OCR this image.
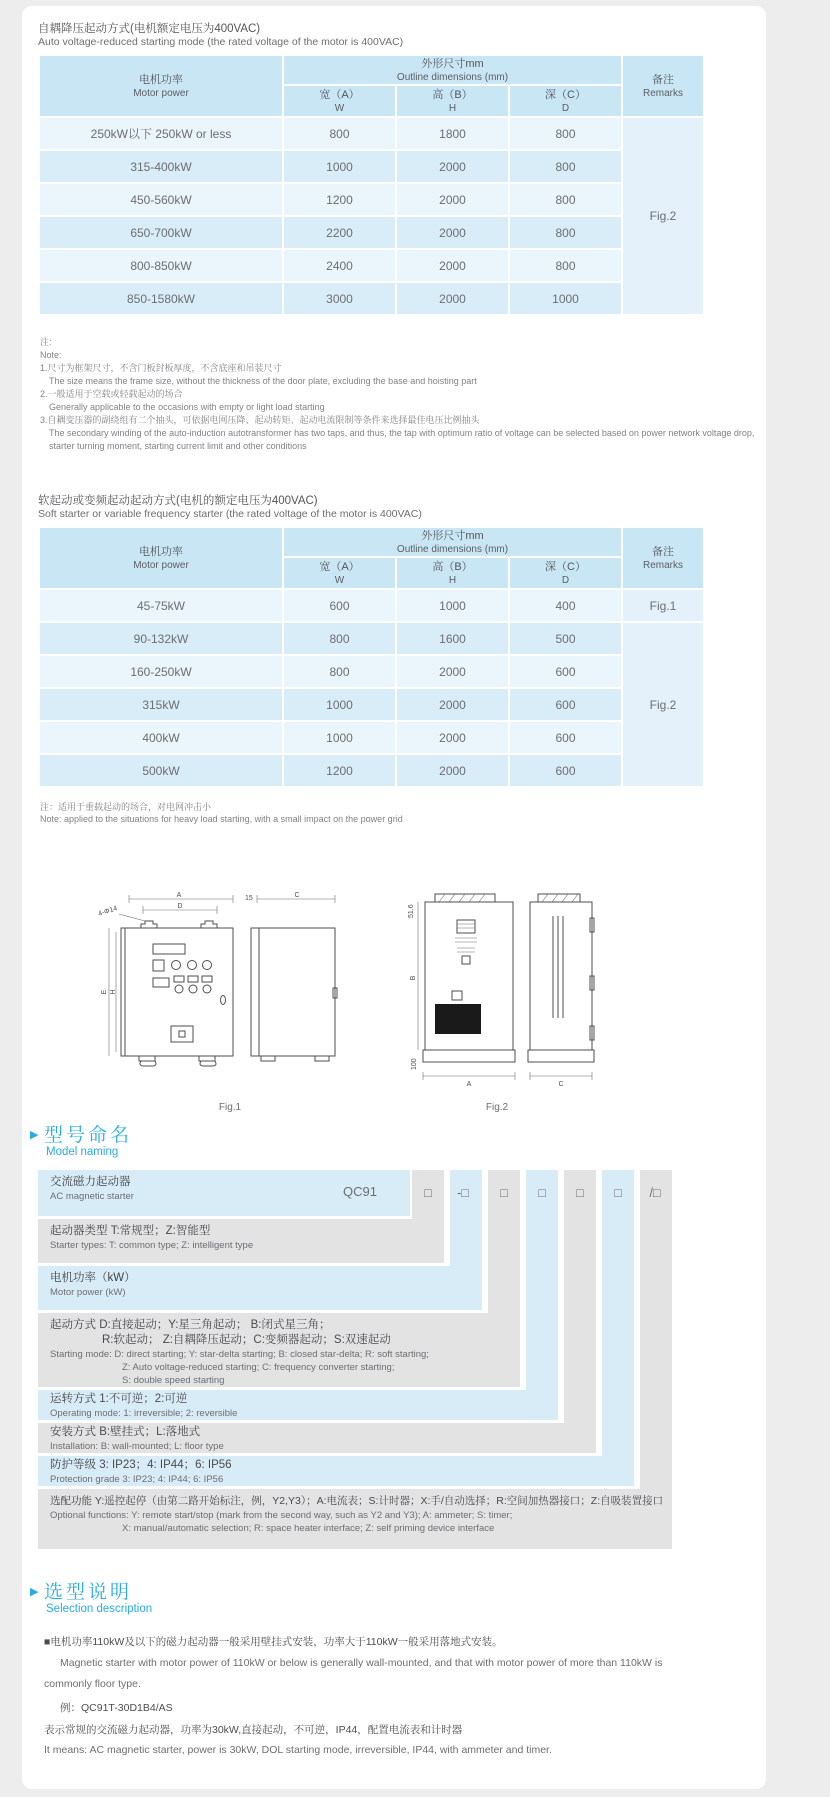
自耦降压起动方式(电机额定电压为400VAC)
Auto voltage-reduced starting mode (the rated voltage of the motor is 400VAC)
电机功率
Motor power

外形尺寸mm
Outline dimensions (mm)	备注
Remarks

宽（A）
W

高（B）
H

深（C）
D

250kW以下 250kW or less	800	1800	800	Fig.2
315-400kW	1000	2000	800	
450-560kW	1200	2000	800	
650-700kW	2200	2000	800	
800-850kW	2400	2000	800	
850-1580kW	3000	2000	1000	
注:
Note:
1.尺寸为框架尺寸，不含门板封板厚度，不含底座和吊装尺寸
The size means the frame size, without the thickness of the door plate, excluding the base and hoisting part
2.一般适用于空载或轻载起动的场合
Generally applicable to the occasions with empty or light load starting
3.自耦变压器的副绕组有二个抽头，可依据电网压降、起动转矩、起动电流限制等条件来选择最佳电压比例抽头
The secondary winding of the auto-induction autotransformer has two taps, and thus, the tap with optimum ratio of voltage can be selected based on power network voltage drop,
starter turning moment, starting current limit and other conditions
软起动或变频起动起动方式(电机的额定电压为400VAC)
Soft starter or variable frequency starter (the rated voltage of the motor is 400VAC)
电机功率
Motor power

外形尺寸mm
Outline dimensions (mm)	备注
Remarks

宽（A）
W

高（B）
H

深（C）
D

45-75kW	600	1000	400	Fig.1
90-132kW	800	1600	500	Fig.2
160-250kW	800	2000	600	
315kW	1000	2000	600	
400kW	1000	2000	600	
500kW	1200	2000	600	
注：适用于重载起动的场合，对电网冲击小
Note: applied to the situations for heavy load starting, with a small impact on the power grid
A
D
4-Φ14
E H
15	C
51.6
100
B
A	C
Fig.1	Fig.2
▶ 型号命名
Model naming
交流磁力起动器
AC magnetic starter	QC91	□	-□	□	□	□	□	/□
起动器类型 T:常规型；Z:智能型
Starter types: T: common type; Z: intelligent type
电机功率（kW）
Motor power (kW)
起动方式 D:直接起动；Y:星三角起动； B:闭式星三角；
R:软起动； Z:自耦降压起动；C:变频器起动；S:双速起动
Starting mode: D: direct starting; Y: star-delta starting; B: closed star-delta; R: soft starting;
Z: Auto voltage-reduced starting; C: frequency converter starting;
S: double speed starting
运转方式 1:不可逆；2:可逆
Operating mode: 1: irreversible; 2: reversible
安装方式 B:壁挂式；L:落地式
Installation: B: wall-mounted; L: floor type
防护等级 3: IP23；4: IP44；6: IP56
Protection grade 3: IP23; 4: IP44; 6: IP56
选配功能 Y:遥控起停（由第二路开始标注，例，Y2,Y3）；A:电流表；S:计时器；X:手/自动选择；R:空间加热器接口；Z:自吸装置接口
Optional functions: Y: remote start/stop (mark from the second way, such as Y2 and Y3); A: ammeter; S: timer;
X: manual/automatic selection; R: space heater interface; Z: self priming device interface
▶ 选型说明
Selection description
■电机功率110kW及以下的磁力起动器一般采用壁挂式安装，功率大于110kW一般采用落地式安装。
Magnetic starter with motor power of 110kW or below is generally wall-mounted, and that with motor power of more than 110kW is
commonly floor type.
例：QC91T-30D1B4/AS
表示常规的交流磁力起动器，功率为30kW,直接起动，不可逆，IP44，配置电流表和计时器
It means: AC magnetic starter, power is 30kW, DOL starting mode, irreversible, IP44, with ammeter and timer.
